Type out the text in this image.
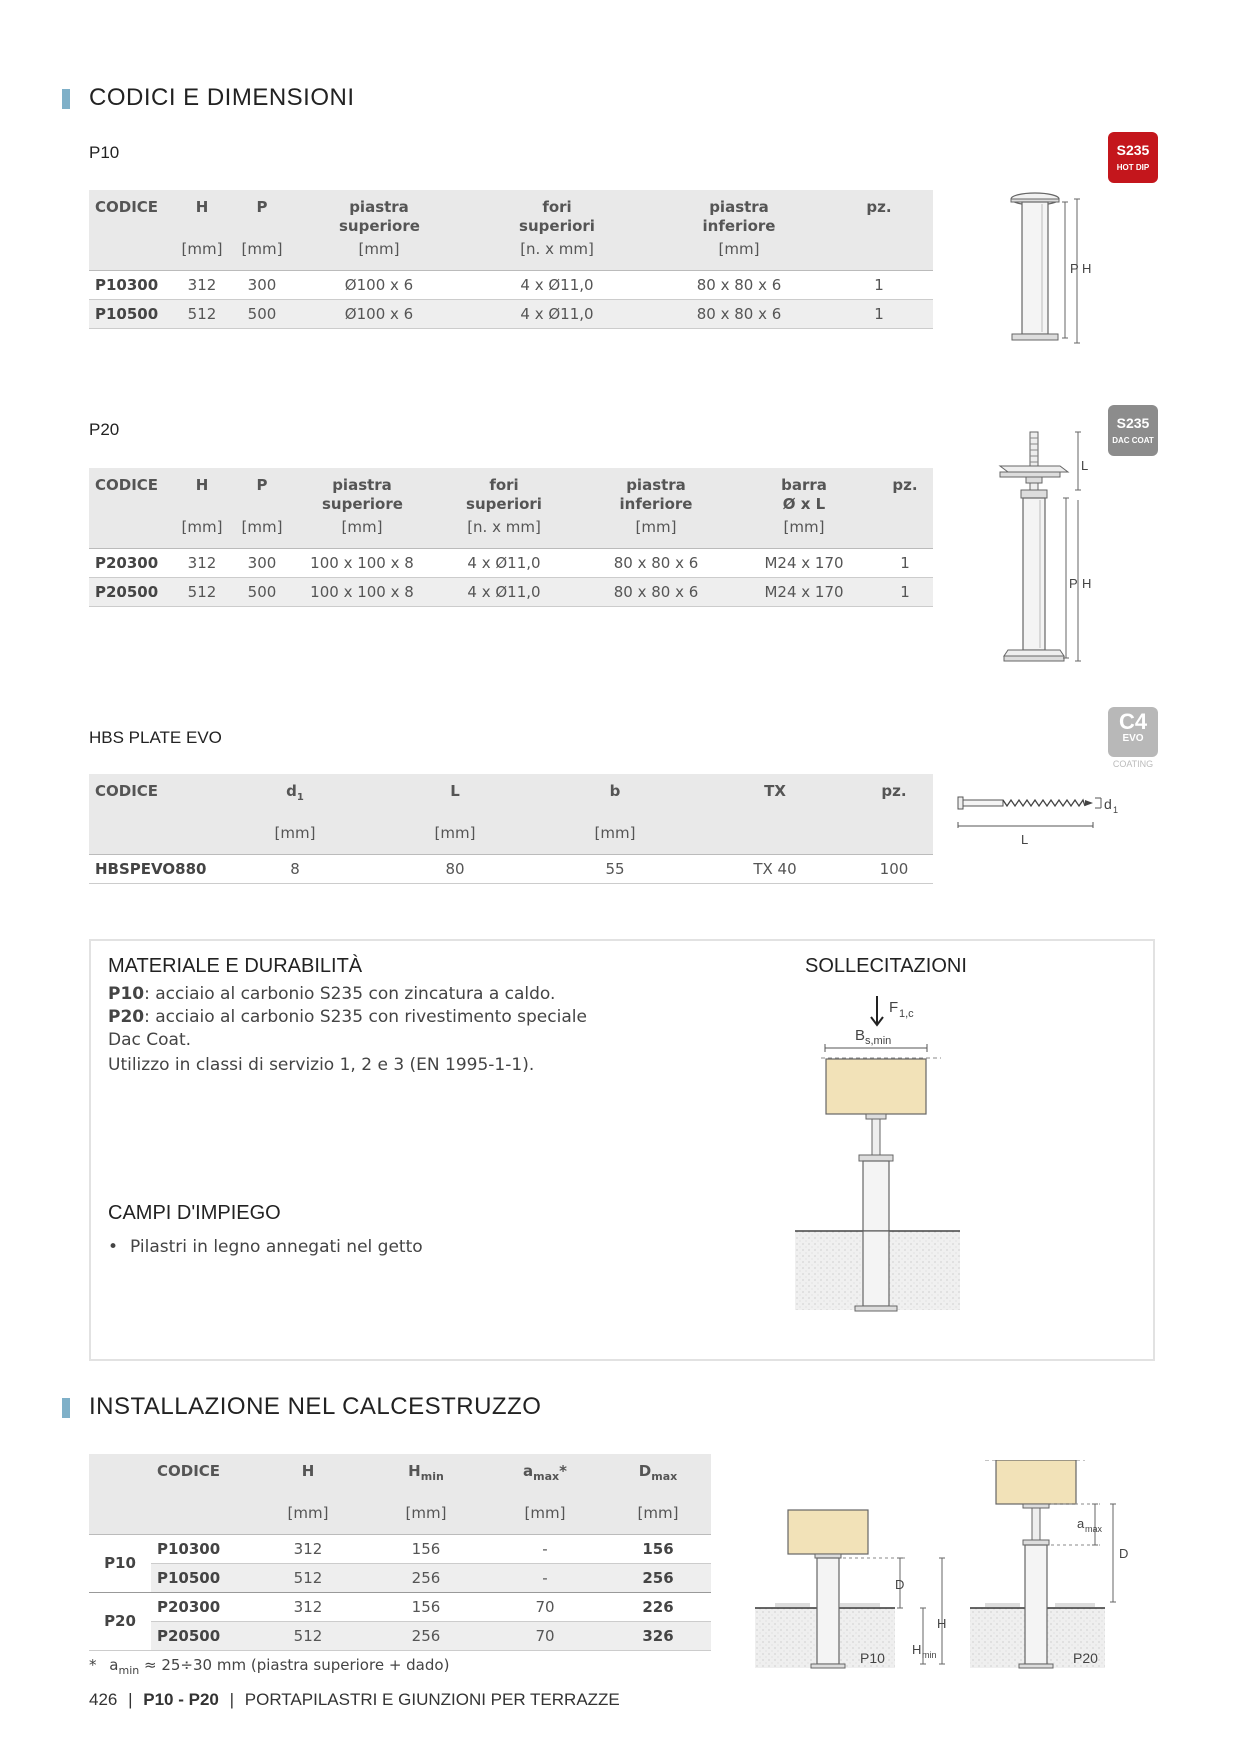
CODICI E DIMENSIONI
P10	S235
HOT DIP
CODICE	H	P	piastra superiore	fori superiori	piastra inferiore	pz.
	[mm]	[mm]	[mm]	[n. x mm]	[mm]	
P10300	312	300	Ø100 x 6	4 x Ø11,0	80 x 80 x 6	1
P10500	512	500	Ø100 x 6	4 x Ø11,0	80 x 80 x 6	1
P H
P20	S235
DAC COAT
CODICE	H	P	piastra superiore	fori superiori	piastra inferiore	barra Ø x L	pz.
	[mm]	[mm]	[mm]	[n. x mm]	[mm]	[mm]	
P20300	312	300	100 x 100 x 8	4 x Ø11,0	80 x 80 x 6	M24 x 170	1
P20500	512	500	100 x 100 x 8	4 x Ø11,0	80 x 80 x 6	M24 x 170	1
L
P H
HBS PLATE EVO
C4
EVO
COATING
CODICE	$d_1$	L	b	TX	pz.
	[mm]	[mm]	[mm]		
HBSPEVO880	8	80	55	TX 40	100
d 1
L
MATERIALE E DURABILITÀ
P10: acciaio al carbonio S235 con zincatura a caldo.
P20: acciaio al carbonio S235 con rivestimento speciale Dac Coat.
Utilizzo in classi di servizio 1, 2 e 3 (EN 1995-1-1).
CAMPI D'IMPIEGO
• Pilastri in legno annegati nel getto
SOLLECITAZIONI
F 1,c
B s,min
INSTALLAZIONE NEL CALCESTRUZZO
	CODICE	H	$H_{min}$	$a_{max}*$	$D_{max}$
		[mm]	[mm]	[mm]	[mm]
P10	P10300	312	156	-	156
	P10500	512	256	-	256
P20	P20300	312	156	70	226
	P20500	512	256	70	326
* $a_{min} \approx 25\div 30$ mm (piastra superiore + dado)
D
H
H min
P10
a max
D
P20
426 | P10 - P20 | PORTAPILASTRI E GIUNZIONI PER TERRAZZE
